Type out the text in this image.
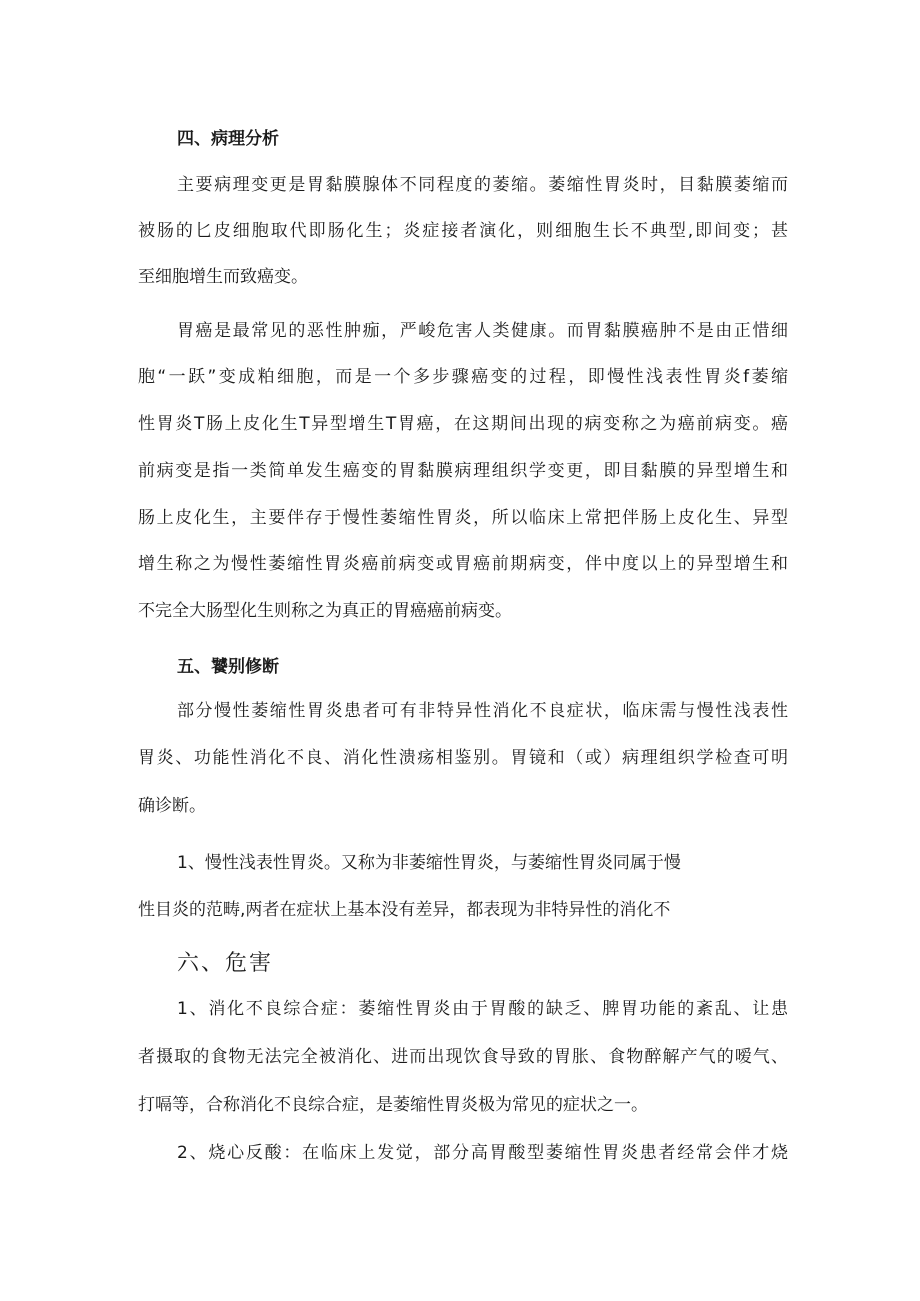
四、病理分析
主要病理变更是胃黏膜腺体不同程度的萎缩。萎缩性胃炎时，目黏膜萎缩而
被肠的匕皮细胞取代即肠化生；炎症接者演化，则细胞生长不典型,即间变；甚
至细胞增生而致癌变。
胃癌是最常见的恶性肿痂，严峻危害人类健康。而胃黏膜癌肿不是由正惜细
胞“一跃”变成粕细胞，而是一个多步骤癌变的过程，即慢性浅表性胃炎f萎缩
性胃炎T肠上皮化生T异型增生T胃癌，在这期间出现的病变称之为癌前病变。癌
前病变是指一类简单发生癌变的胃黏膜病理组织学变更，即目黏膜的异型增生和
肠上皮化生，主要伴存于慢性萎缩性胃炎，所以临床上常把伴肠上皮化生、异型
增生称之为慢性萎缩性胃炎癌前病变或胃癌前期病变，伴中度以上的异型增生和
不完全大肠型化生则称之为真正的胃癌癌前病变。
五、饕别修断
部分慢性萎缩性胃炎患者可有非特异性消化不良症状，临床需与慢性浅表性
胃炎、功能性消化不良、消化性溃疡相鉴别。胃镜和（或）病理组织学检查可明
确诊断。
1、慢性浅表性胃炎。又称为非萎缩性胃炎，与萎缩性胃炎同属于慢
性目炎的范畴,两者在症状上基本没有差异，都表现为非特异性的消化不
六、危害
1、消化不良综合症：萎缩性胃炎由于胃酸的缺乏、脾胃功能的紊乱、让患
者摄取的食物无法完全被消化、进而出现饮食导致的胃胀、食物醉解产气的嗳气、
打嗝等，合称消化不良综合症，是萎缩性胃炎极为常见的症状之一。
2、烧心反酸：在临床上发觉，部分高胃酸型萎缩性胃炎患者经常会伴才烧
